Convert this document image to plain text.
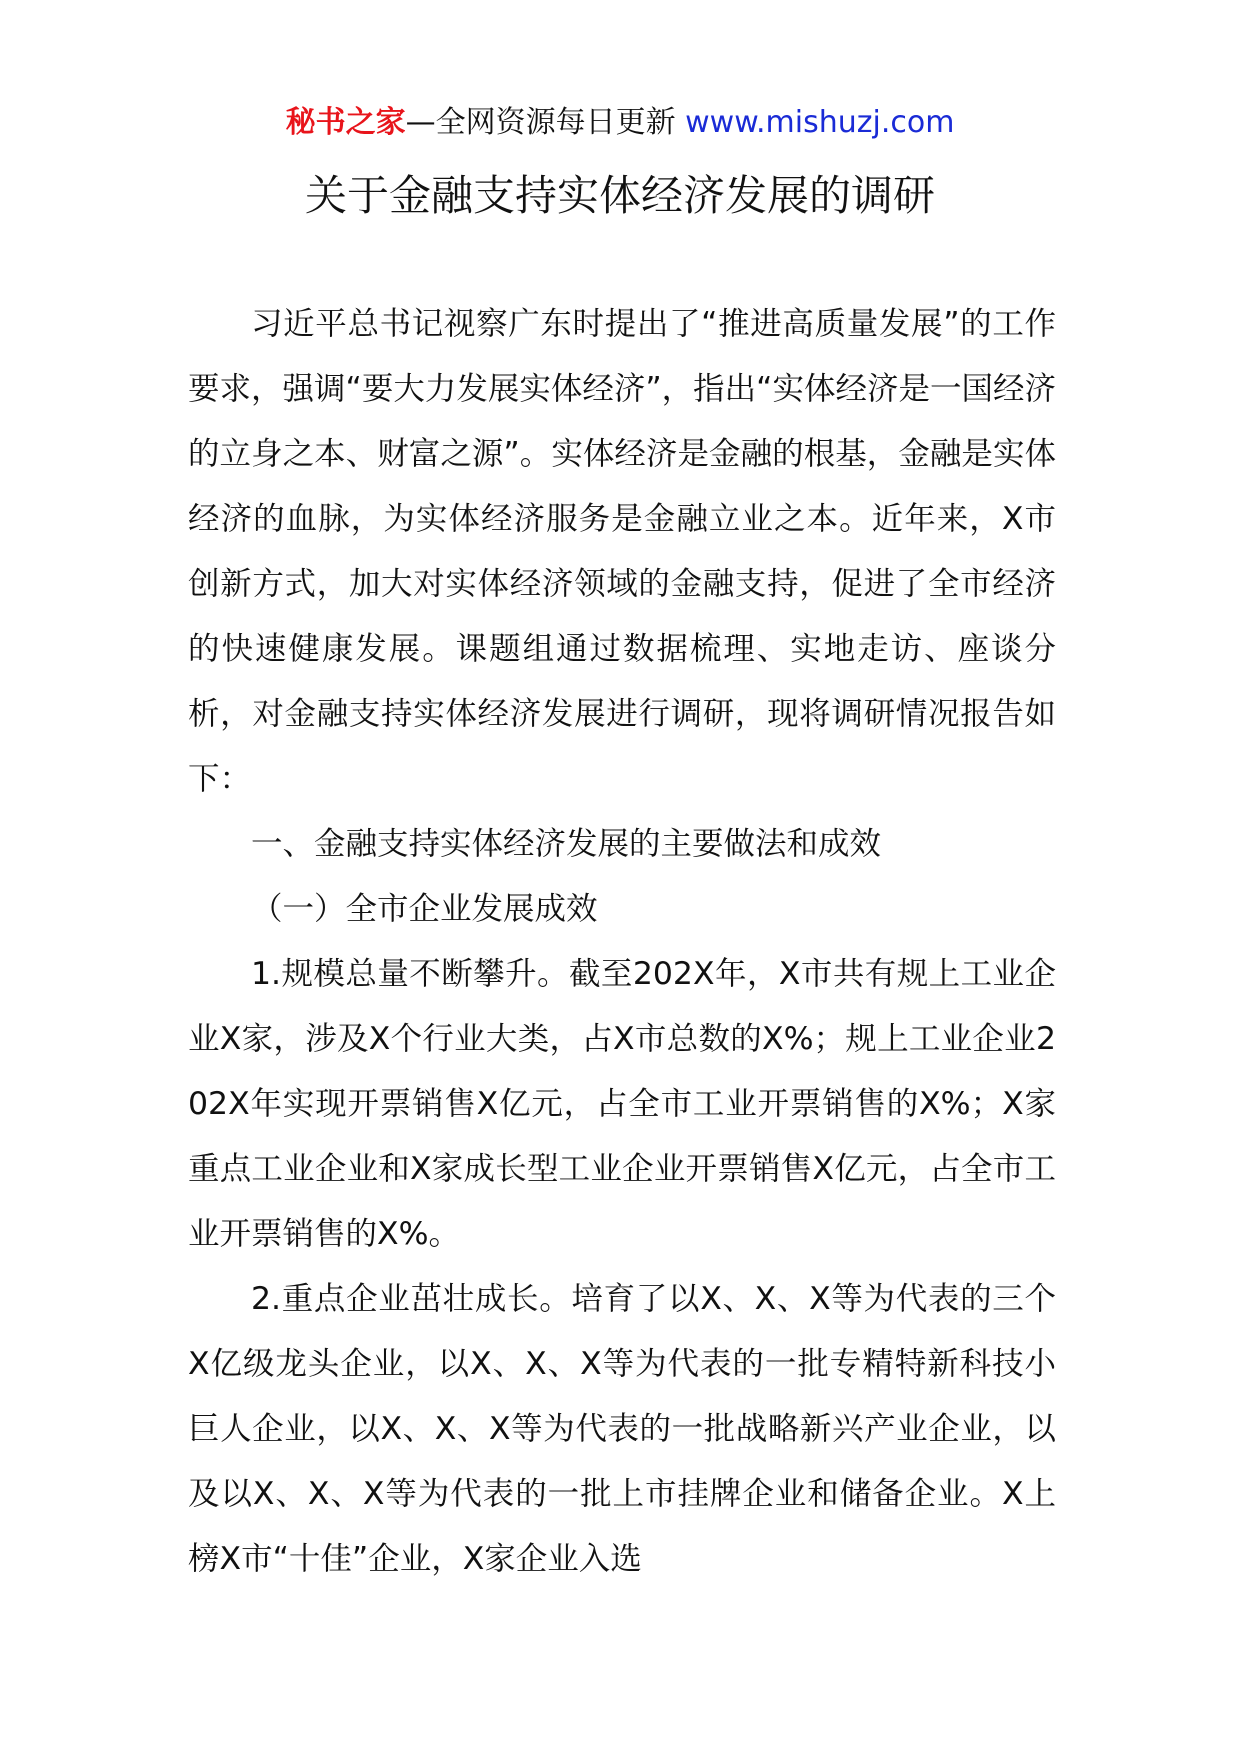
秘书之家—全网资源每日更新 www.mishuzj.com
关于金融支持实体经济发展的调研

习近平总书记视察广东时提出了“推进高质量发展”的工作要求，强调“要大力发展实体经济”，指出“实体经济是一国经济的立身之本、财富之源”。实体经济是金融的根基，金融是实体经济的血脉，为实体经济服务是金融立业之本。近年来，X市创新方式，加大对实体经济领域的金融支持，促进了全市经济的快速健康发展。课题组通过数据梳理、实地走访、座谈分析，对金融支持实体经济发展进行调研，现将调研情况报告如下：

一、金融支持实体经济发展的主要做法和成效

（一）全市企业发展成效

1.规模总量不断攀升。截至202X年，X市共有规上工业企业X家，涉及X个行业大类，占X市总数的X%；规上工业企业202X年实现开票销售X亿元，占全市工业开票销售的X%；X家重点工业企业和X家成长型工业企业开票销售X亿元，占全市工业开票销售的X%。

2.重点企业茁壮成长。培育了以X、X、X等为代表的三个X亿级龙头企业，以X、X、X等为代表的一批专精特新科技小巨人企业，以X、X、X等为代表的一批战略新兴产业企业，以及以X、X、X等为代表的一批上市挂牌企业和储备企业。X上榜X市“十佳”企业，X家企业入选
